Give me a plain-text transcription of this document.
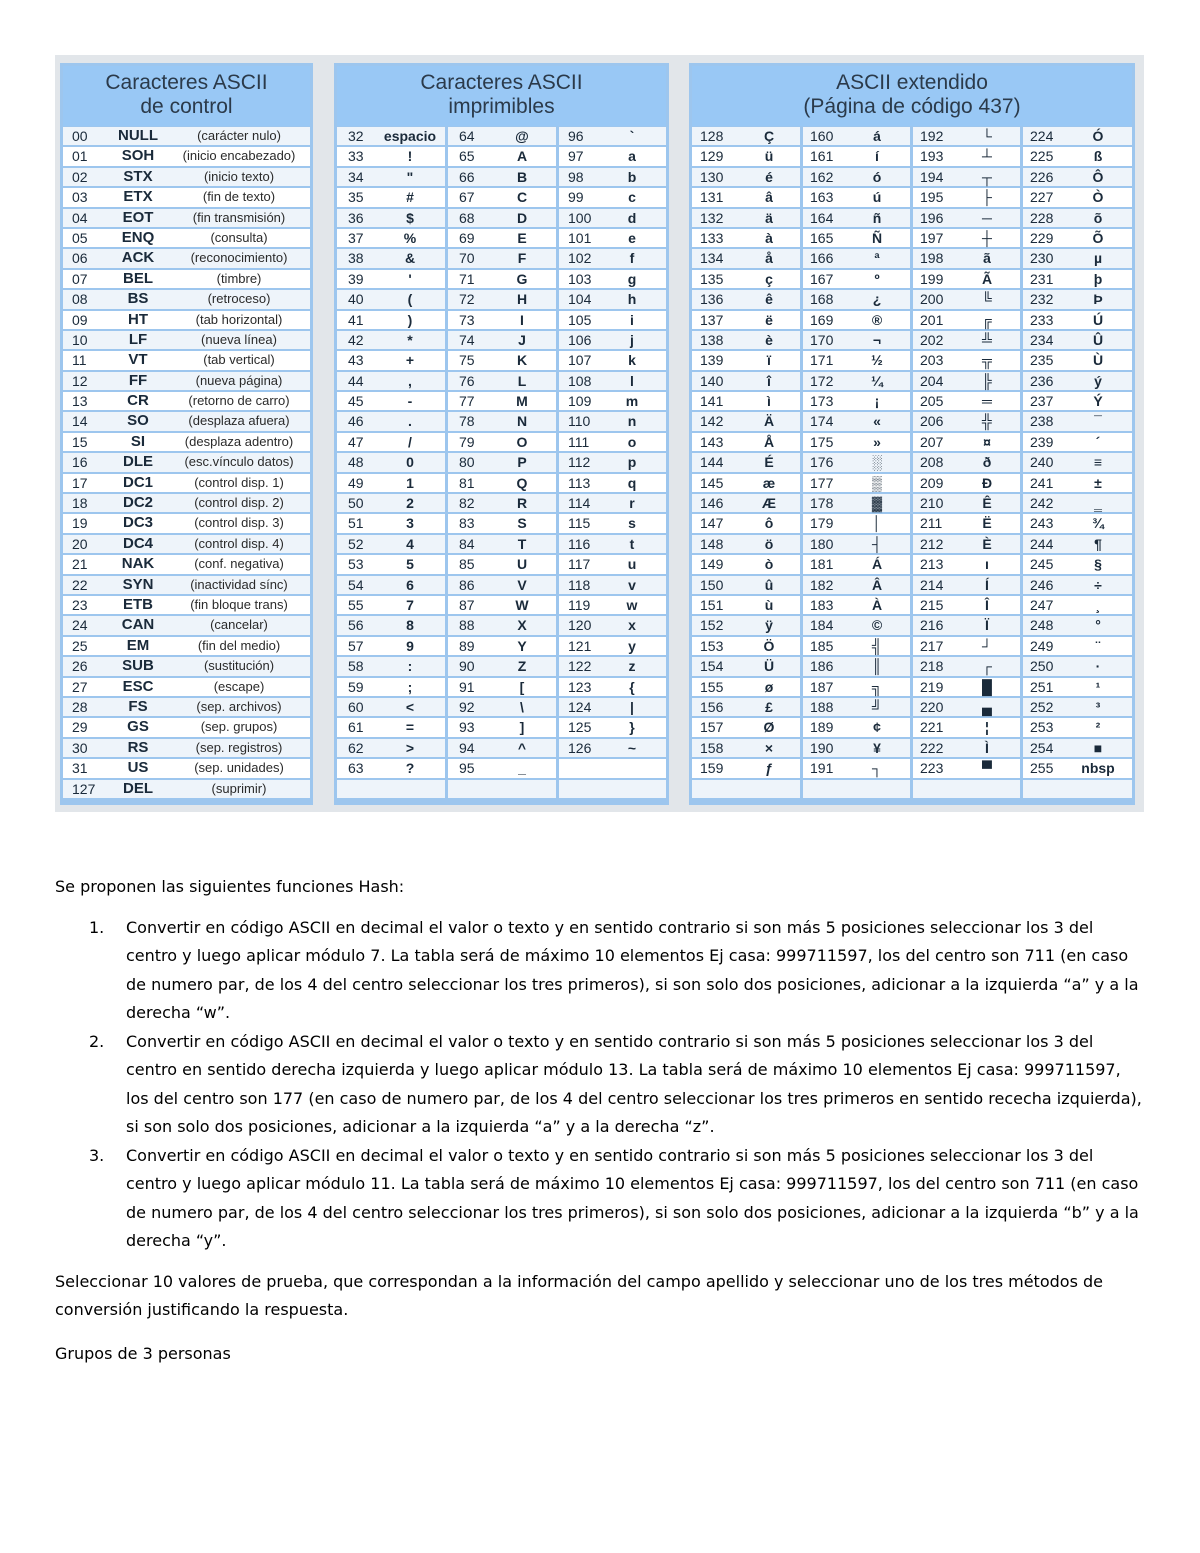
Caracteres ASCII
de control
00	NULL	(carácter nulo)
01	SOH	(inicio encabezado)
02	STX	(inicio texto)
03	ETX	(fin de texto)
04	EOT	(fin transmisión)
05	ENQ	(consulta)
06	ACK	(reconocimiento)
07	BEL	(timbre)
08	BS	(retroceso)
09	HT	(tab horizontal)
10	LF	(nueva línea)
11	VT	(tab vertical)
12	FF	(nueva página)
13	CR	(retorno de carro)
14	SO	(desplaza afuera)
15	SI	(desplaza adentro)
16	DLE	(esc.vínculo datos)
17	DC1	(control disp. 1)
18	DC2	(control disp. 2)
19	DC3	(control disp. 3)
20	DC4	(control disp. 4)
21	NAK	(conf. negativa)
22	SYN	(inactividad sínc)
23	ETB	(fin bloque trans)
24	CAN	(cancelar)
25	EM	(fin del medio)
26	SUB	(sustitución)
27	ESC	(escape)
28	FS	(sep. archivos)
29	GS	(sep. grupos)
30	RS	(sep. registros)
31	US	(sep. unidades)
127	DEL	(suprimir)
Caracteres ASCII
imprimibles
32	espacio	64	@	96	`
33	!	65	A	97	a
34	"	66	B	98	b
35	#	67	C	99	c
36	$	68	D	100	d
37	%	69	E	101	e
38	&	70	F	102	f
39	'	71	G	103	g
40	(	72	H	104	h
41	)	73	I	105	i
42	*	74	J	106	j
43	+	75	K	107	k
44	,	76	L	108	l
45	-	77	M	109	m
46	.	78	N	110	n
47	/	79	O	111	o
48	0	80	P	112	p
49	1	81	Q	113	q
50	2	82	R	114	r
51	3	83	S	115	s
52	4	84	T	116	t
53	5	85	U	117	u
54	6	86	V	118	v
55	7	87	W	119	w
56	8	88	X	120	x
57	9	89	Y	121	y
58	:	90	Z	122	z
59	;	91	[	123	{
60	<	92	\	124	|
61	=	93	]	125	}
62	>	94	^	126	~
63	?	95	_
ASCII extendido
(Página de código 437)
128	Ç	160	á	192	└	224	Ó
129	ü	161	í	193	┴	225	ß
130	é	162	ó	194	┬	226	Ô
131	â	163	ú	195	├	227	Ò
132	ä	164	ñ	196	─	228	õ
133	à	165	Ñ	197	┼	229	Õ
134	å	166	ª	198	ã	230	µ
135	ç	167	º	199	Ã	231	þ
136	ê	168	¿	200	╚	232	Þ
137	ë	169	®	201	╔	233	Ú
138	è	170	¬	202	╩	234	Û
139	ï	171	½	203	╦	235	Ù
140	î	172	¼	204	╠	236	ý
141	ì	173	¡	205	═	237	Ý
142	Ä	174	«	206	╬	238	¯
143	Å	175	»	207	¤	239	´
144	É	176	░	208	ð	240	≡
145	æ	177	▒	209	Ð	241	±
146	Æ	178	▓	210	Ê	242	‗
147	ô	179	│	211	Ë	243	¾
148	ö	180	┤	212	È	244	¶
149	ò	181	Á	213	ı	245	§
150	û	182	Â	214	Í	246	÷
151	ù	183	À	215	Î	247	¸
152	ÿ	184	©	216	Ï	248	°
153	Ö	185	╣	217	┘	249	¨
154	Ü	186	║	218	┌	250	·
155	ø	187	╗	219	█	251	¹
156	£	188	╝	220	▄	252	³
157	Ø	189	¢	221	¦	253	²
158	×	190	¥	222	Ì	254	■
159	ƒ	191	┐	223	▀	255	nbsp

Se proponen las siguientes funciones Hash:

1. Convertir en código ASCII en decimal el valor o texto y en sentido contrario si son más 5 posiciones seleccionar los 3 del centro y luego aplicar módulo 7. La tabla será de máximo 10 elementos Ej casa: 999711597, los del centro son 711 (en caso de numero par, de los 4 del centro seleccionar los tres primeros), si son solo dos posiciones, adicionar a la izquierda “a” y a la derecha “w”.
2. Convertir en código ASCII en decimal el valor o texto y en sentido contrario si son más 5 posiciones seleccionar los 3 del centro en sentido derecha izquierda y luego aplicar módulo 13. La tabla será de máximo 10 elementos Ej casa: 999711597, los del centro son 177 (en caso de numero par, de los 4 del centro seleccionar los tres primeros en sentido rececha izquierda), si son solo dos posiciones, adicionar a la izquierda “a” y a la derecha “z”.
3. Convertir en código ASCII en decimal el valor o texto y en sentido contrario si son más 5 posiciones seleccionar los 3 del centro y luego aplicar módulo 11. La tabla será de máximo 10 elementos Ej casa: 999711597, los del centro son 711 (en caso de numero par, de los 4 del centro seleccionar los tres primeros), si son solo dos posiciones, adicionar a la izquierda “b” y a la derecha “y”.

Seleccionar 10 valores de prueba, que correspondan a la información del campo apellido y seleccionar uno de los tres métodos de conversión justificando la respuesta.

Grupos de 3 personas
